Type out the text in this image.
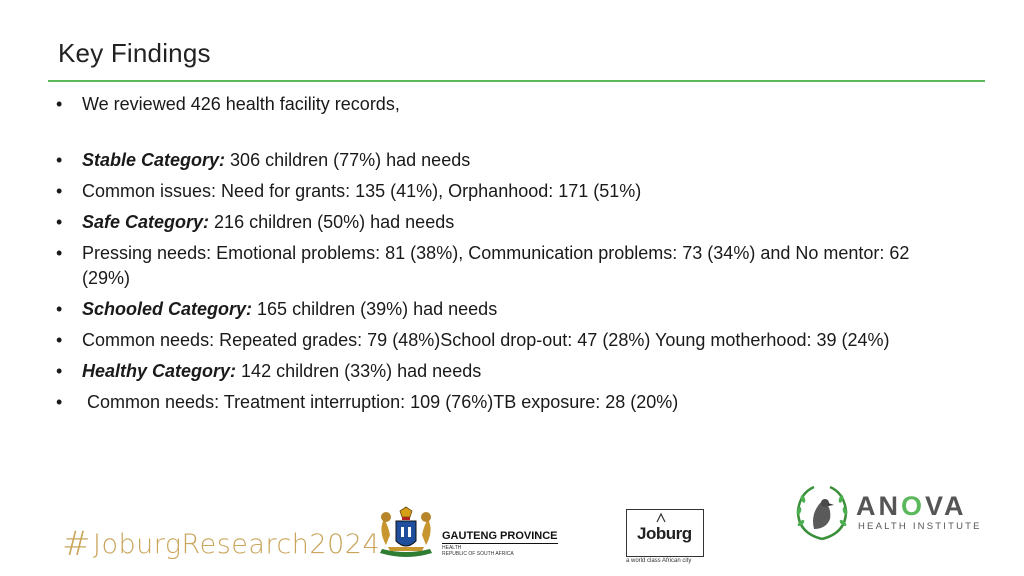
Key Findings
• We reviewed 426 health facility records,
• Stable Category: 306 children (77%) had needs
• Common issues: Need for grants: 135 (41%), Orphanhood: 171 (51%)
• Safe Category: 216 children (50%) had needs
• Pressing needs: Emotional problems: 81 (38%), Communication problems: 73 (34%) and No mentor: 62 (29%)
• Schooled Category: 165 children (39%) had needs
• Common needs: Repeated grades: 79 (48%)School drop-out: 47 (28%) Young motherhood: 39 (24%)
• Healthy Category: 142 children (33%) had needs
• Common needs: Treatment interruption: 109 (76%)TB exposure: 28 (20%)
#JoburgResearch2024	GAUTENG PROVINCE
HEALTH
REPUBLIC OF SOUTH AFRICA
Joburg
a world class African city
ANOVA
HEALTH INSTITUTE
